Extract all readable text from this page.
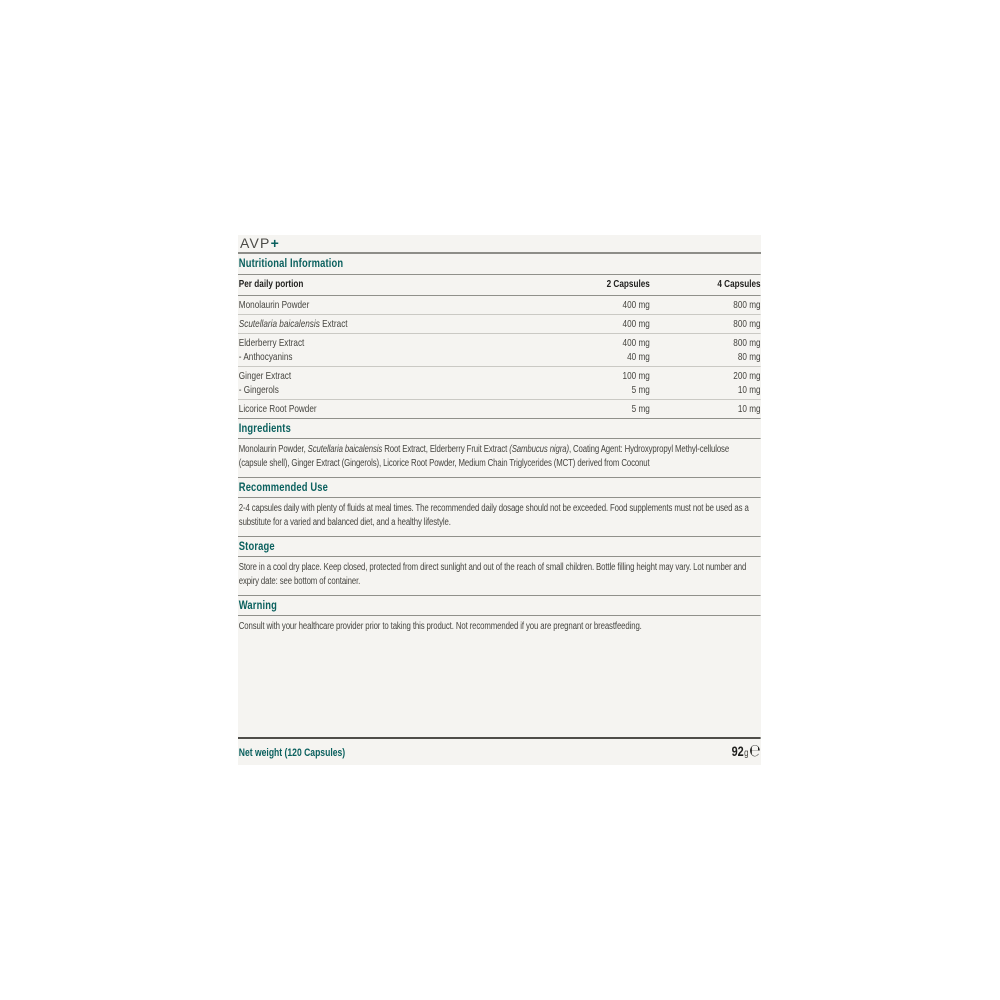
AVP+
Nutritional Information
Per daily portion	2 Capsules	4 Capsules
Monolaurin Powder	400 mg	800 mg
Scutellaria baicalensis Extract	400 mg	800 mg
Elderberry Extract	400 mg	800 mg
- Anthocyanins	40 mg	80 mg
Ginger Extract	100 mg	200 mg
- Gingerols	5 mg	10 mg
Licorice Root Powder	5 mg	10 mg
Ingredients
Monolaurin Powder, Scutellaria baicalensis Root Extract, Elderberry Fruit Extract (Sambucus nigra), Coating Agent: Hydroxypropyl Methyl-cellulose (capsule shell), Ginger Extract (Gingerols), Licorice Root Powder, Medium Chain Triglycerides (MCT) derived from Coconut
Recommended Use
2-4 capsules daily with plenty of fluids at meal times. The recommended daily dosage should not be exceeded. Food supplements must not be used as a substitute for a varied and balanced diet, and a healthy lifestyle.
Storage
Store in a cool dry place. Keep closed, protected from direct sunlight and out of the reach of small children. Bottle filling height may vary. Lot number and expiry date: see bottom of container.
Warning
Consult with your healthcare provider prior to taking this product. Not recommended if you are pregnant or breastfeeding.
Net weight (120 Capsules)	92 g ℮
